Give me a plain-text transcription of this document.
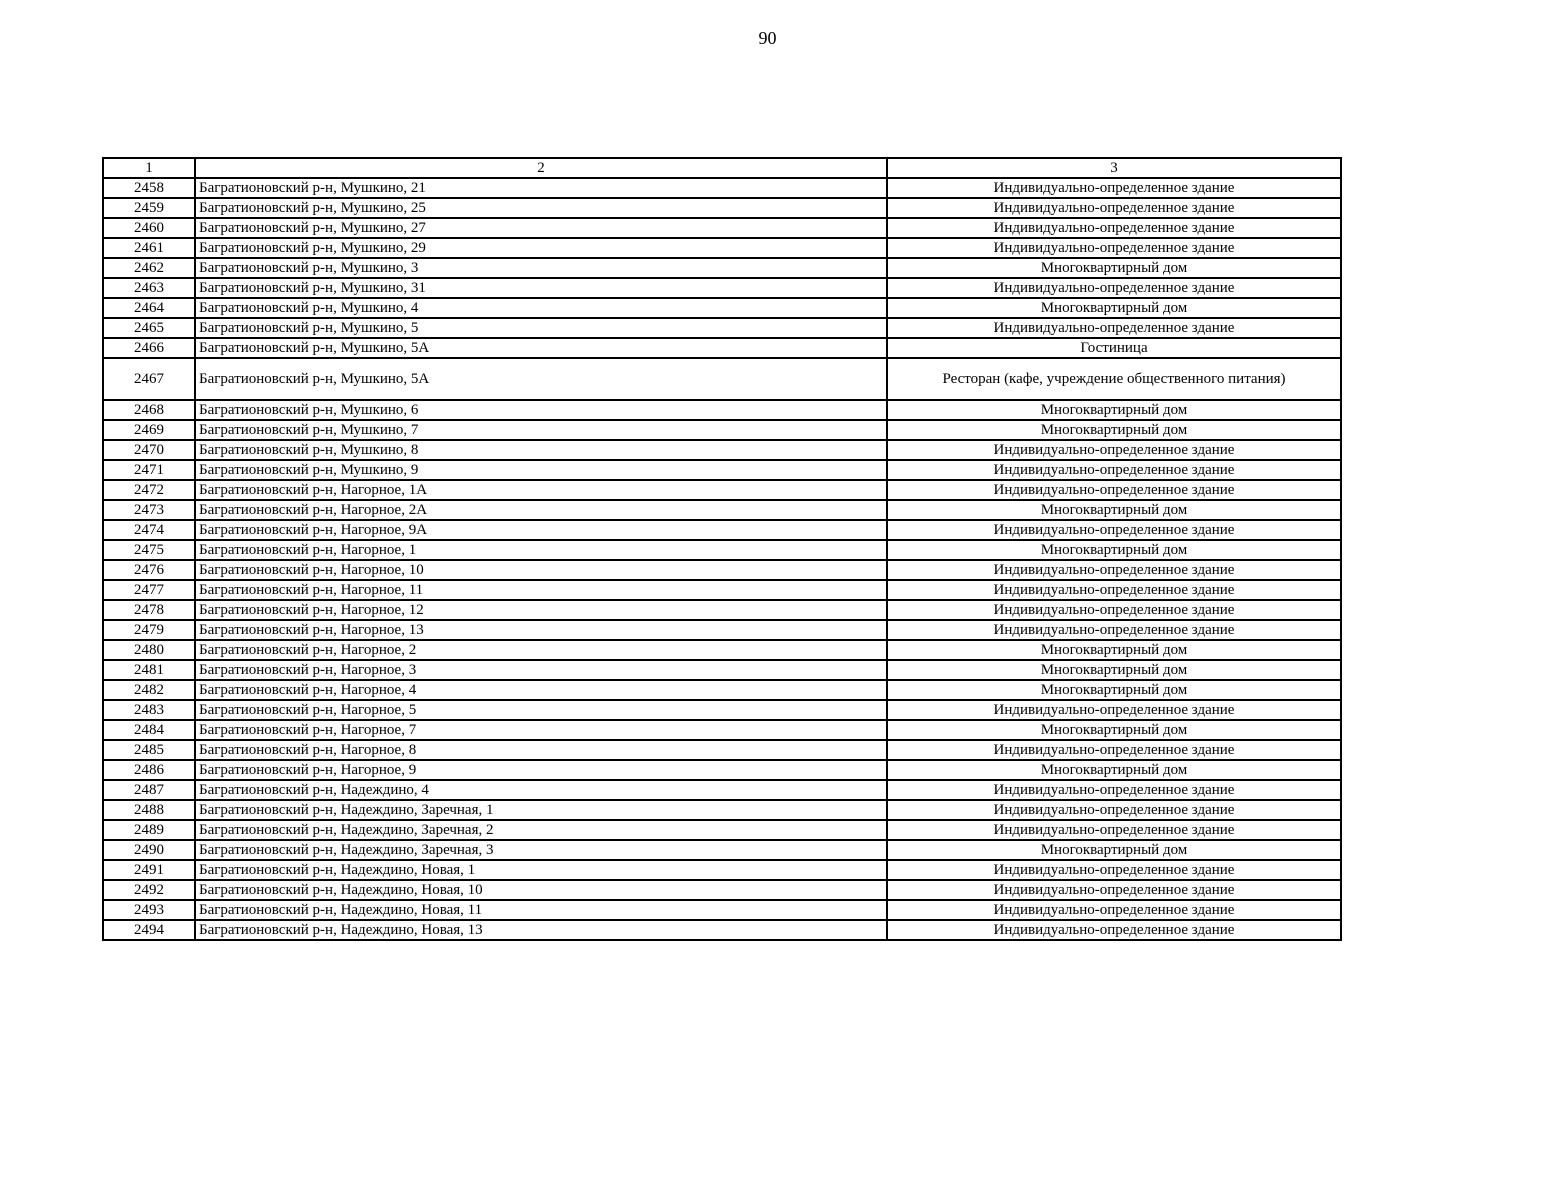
90
1	2	3
2458	Багратионовский р-н, Мушкино, 21	Индивидуально-определенное здание
2459	Багратионовский р-н, Мушкино, 25	Индивидуально-определенное здание
2460	Багратионовский р-н, Мушкино, 27	Индивидуально-определенное здание
2461	Багратионовский р-н, Мушкино, 29	Индивидуально-определенное здание
2462	Багратионовский р-н, Мушкино, 3	Многоквартирный дом
2463	Багратионовский р-н, Мушкино, 31	Индивидуально-определенное здание
2464	Багратионовский р-н, Мушкино, 4	Многоквартирный дом
2465	Багратионовский р-н, Мушкино, 5	Индивидуально-определенное здание
2466	Багратионовский р-н, Мушкино, 5А	Гостиница
2467	Багратионовский р-н, Мушкино, 5А	Ресторан (кафе, учреждение общественного питания)
2468	Багратионовский р-н, Мушкино, 6	Многоквартирный дом
2469	Багратионовский р-н, Мушкино, 7	Многоквартирный дом
2470	Багратионовский р-н, Мушкино, 8	Индивидуально-определенное здание
2471	Багратионовский р-н, Мушкино, 9	Индивидуально-определенное здание
2472	Багратионовский р-н, Нагорное, 1А	Индивидуально-определенное здание
2473	Багратионовский р-н, Нагорное, 2А	Многоквартирный дом
2474	Багратионовский р-н, Нагорное, 9А	Индивидуально-определенное здание
2475	Багратионовский р-н, Нагорное, 1	Многоквартирный дом
2476	Багратионовский р-н, Нагорное, 10	Индивидуально-определенное здание
2477	Багратионовский р-н, Нагорное, 11	Индивидуально-определенное здание
2478	Багратионовский р-н, Нагорное, 12	Индивидуально-определенное здание
2479	Багратионовский р-н, Нагорное, 13	Индивидуально-определенное здание
2480	Багратионовский р-н, Нагорное, 2	Многоквартирный дом
2481	Багратионовский р-н, Нагорное, 3	Многоквартирный дом
2482	Багратионовский р-н, Нагорное, 4	Многоквартирный дом
2483	Багратионовский р-н, Нагорное, 5	Индивидуально-определенное здание
2484	Багратионовский р-н, Нагорное, 7	Многоквартирный дом
2485	Багратионовский р-н, Нагорное, 8	Индивидуально-определенное здание
2486	Багратионовский р-н, Нагорное, 9	Многоквартирный дом
2487	Багратионовский р-н, Надеждино, 4	Индивидуально-определенное здание
2488	Багратионовский р-н, Надеждино, Заречная, 1	Индивидуально-определенное здание
2489	Багратионовский р-н, Надеждино, Заречная, 2	Индивидуально-определенное здание
2490	Багратионовский р-н, Надеждино, Заречная, 3	Многоквартирный дом
2491	Багратионовский р-н, Надеждино, Новая, 1	Индивидуально-определенное здание
2492	Багратионовский р-н, Надеждино, Новая, 10	Индивидуально-определенное здание
2493	Багратионовский р-н, Надеждино, Новая, 11	Индивидуально-определенное здание
2494	Багратионовский р-н, Надеждино, Новая, 13	Индивидуально-определенное здание
